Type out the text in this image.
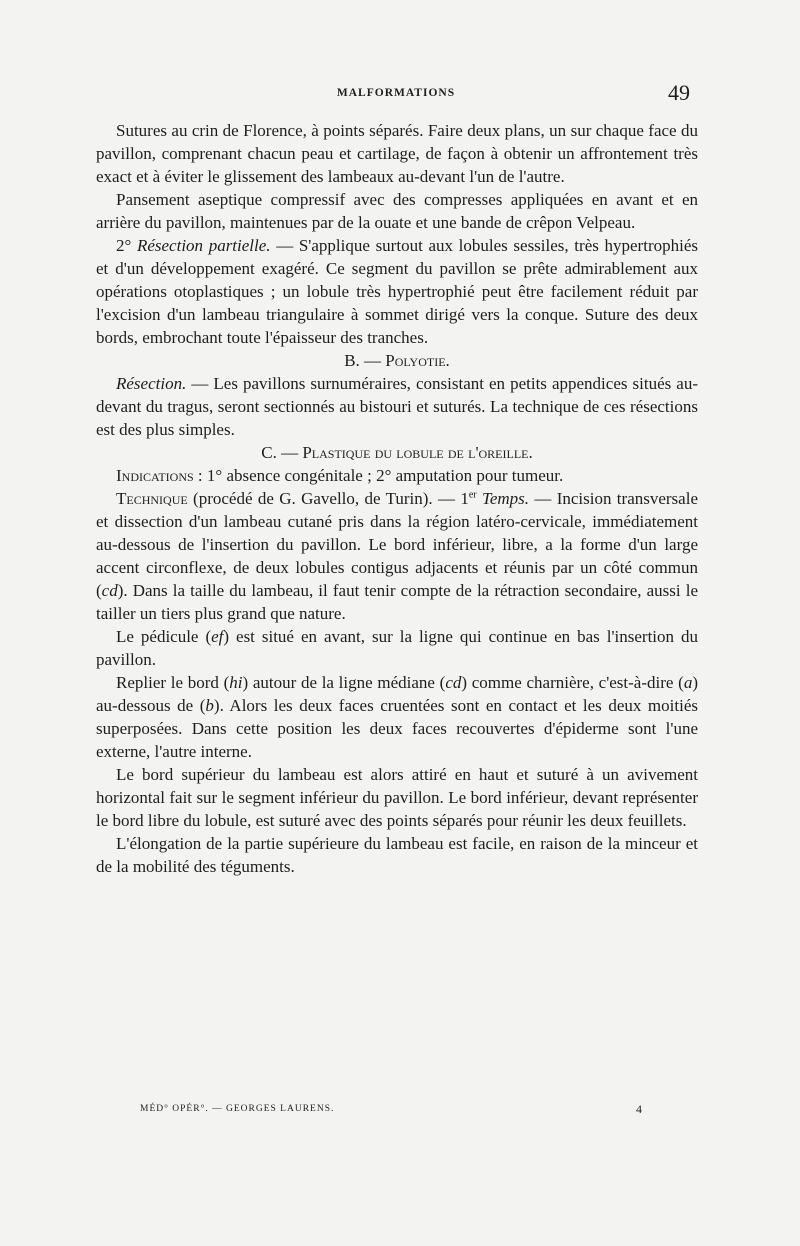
MALFORMATIONS	49

Sutures au crin de Florence, à points séparés. Faire deux plans, un sur chaque face du pavillon, comprenant chacun peau et cartilage, de façon à obtenir un affrontement très exact et à éviter le glissement des lambeaux au-devant l'un de l'autre.

Pansement aseptique compressif avec des compresses appliquées en avant et en arrière du pavillon, maintenues par de la ouate et une bande de crêpon Velpeau.

2° Résection partielle. — S'applique surtout aux lobules sessiles, très hypertrophiés et d'un développement exagéré. Ce segment du pavillon se prête admirablement aux opérations otoplastiques ; un lobule très hypertrophié peut être facilement réduit par l'excision d'un lambeau triangulaire à sommet dirigé vers la conque. Suture des deux bords, embrochant toute l'épaisseur des tranches.

B. — Polyotie.

Résection. — Les pavillons surnuméraires, consistant en petits appendices situés au-devant du tragus, seront sectionnés au bistouri et suturés. La technique de ces résections est des plus simples.

C. — Plastique du lobule de l'oreille.

Indications : 1° absence congénitale ; 2° amputation pour tumeur.

Technique (procédé de G. Gavello, de Turin). — 1er Temps. — Incision transversale et dissection d'un lambeau cutané pris dans la région latéro-cervicale, immédiatement au-dessous de l'insertion du pavillon. Le bord inférieur, libre, a la forme d'un large accent circonflexe, de deux lobules contigus adjacents et réunis par un côté commun (cd). Dans la taille du lambeau, il faut tenir compte de la rétraction secondaire, aussi le tailler un tiers plus grand que nature.

Le pédicule (ef) est situé en avant, sur la ligne qui continue en bas l'insertion du pavillon.

Replier le bord (hi) autour de la ligne médiane (cd) comme charnière, c'est-à-dire (a) au-dessous de (b). Alors les deux faces cruentées sont en contact et les deux moitiés superposées. Dans cette position les deux faces recouvertes d'épiderme sont l'une externe, l'autre interne.

Le bord supérieur du lambeau est alors attiré en haut et suturé à un avivement horizontal fait sur le segment inférieur du pavillon. Le bord inférieur, devant représenter le bord libre du lobule, est suturé avec des points séparés pour réunir les deux feuillets.

L'élongation de la partie supérieure du lambeau est facile, en raison de la minceur et de la mobilité des téguments.

MÉD° OPÉR°. — GEORGES LAURENS.	4
